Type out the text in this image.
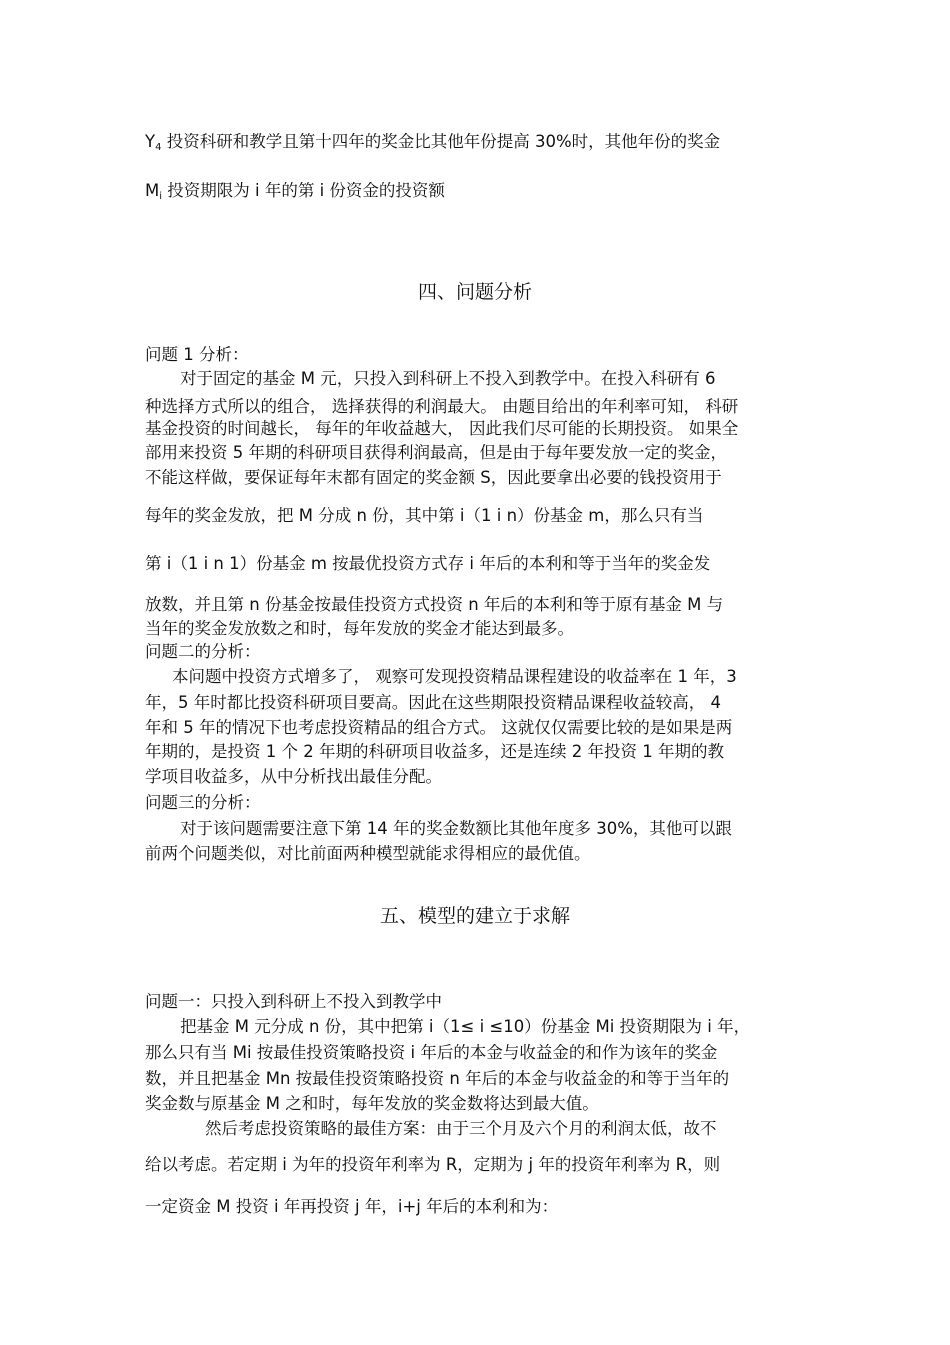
$Y_4$ 投资科研和教学且第十四年的奖金比其他年份提高 30%时，其他年份的奖金
$M_i$ 投资期限为 i 年的第 i 份资金的投资额
四、问题分析
问题 1 分析：
对于固定的基金 M 元，只投入到科研上不投入到教学中。在投入科研有 6
种选择方式所以的组合， 选择获得的利润最大。 由题目给出的年利率可知， 科研
基金投资的时间越长， 每年的年收益越大， 因此我们尽可能的长期投资。 如果全
部用来投资 5 年期的科研项目获得利润最高，但是由于每年要发放一定的奖金，
不能这样做，要保证每年末都有固定的奖金额 S，因此要拿出必要的钱投资用于
每年的奖金发放，把 M 分成 n 份，其中第 i（1 i n）份基金 m，那么只有当
第 i（1 i n 1）份基金 m 按最优投资方式存 i 年后的本利和等于当年的奖金发
放数，并且第 n 份基金按最佳投资方式投资 n 年后的本利和等于原有基金 M 与
当年的奖金发放数之和时，每年发放的奖金才能达到最多。
问题二的分析：
本问题中投资方式增多了， 观察可发现投资精品课程建设的收益率在 1 年，3
年，5 年时都比投资科研项目要高。因此在这些期限投资精品课程收益较高， 4
年和 5 年的情况下也考虑投资精品的组合方式。 这就仅仅需要比较的是如果是两
年期的，是投资 1 个 2 年期的科研项目收益多，还是连续 2 年投资 1 年期的教
学项目收益多，从中分析找出最佳分配。
问题三的分析：
对于该问题需要注意下第 14 年的奖金数额比其他年度多 30%，其他可以跟
前两个问题类似，对比前面两种模型就能求得相应的最优值。
五、模型的建立于求解
问题一：只投入到科研上不投入到教学中
把基金 M 元分成 n 份，其中把第 i（1≤ i ≤10）份基金 Mi 投资期限为 i 年，
那么只有当 Mi 按最佳投资策略投资 i 年后的本金与收益金的和作为该年的奖金
数，并且把基金 Mn 按最佳投资策略投资 n 年后的本金与收益金的和等于当年的
奖金数与原基金 M 之和时，每年发放的奖金数将达到最大值。
然后考虑投资策略的最佳方案：由于三个月及六个月的利润太低，故不
给以考虑。若定期 i 为年的投资年利率为 R，定期为 j 年的投资年利率为 R，则
一定资金 M 投资 i 年再投资 j 年，i+j 年后的本利和为：
